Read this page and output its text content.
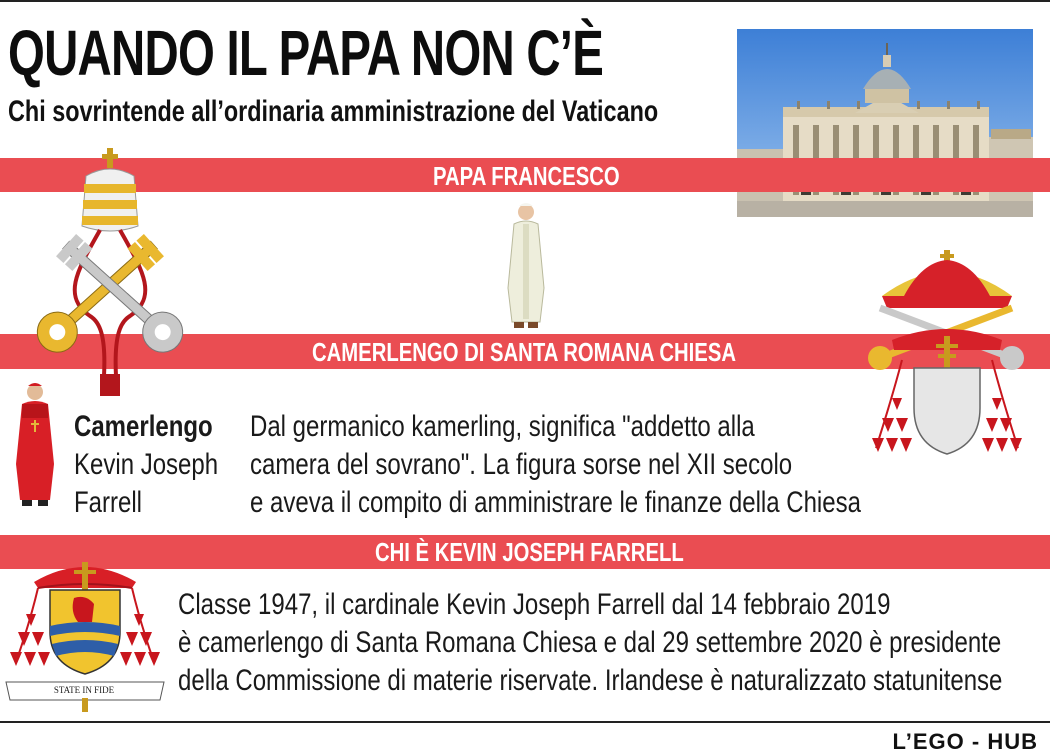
QUANDO IL PAPA NON C’È
Chi sovrintende all’ordinaria amministrazione del Vaticano
PAPA FRANCESCO
CAMERLENGO DI SANTA ROMANA CHIESA
CHI È KEVIN JOSEPH FARRELL
STATE IN FIDE
Camerlengo
Kevin Joseph
Farrell
Dal germanico kamerling, significa "addetto alla
camera del sovrano". La figura sorse nel XII secolo
e aveva il compito di amministrare le finanze della Chiesa
Classe 1947, il cardinale Kevin Joseph Farrell dal 14 febbraio 2019
è camerlengo di Santa Romana Chiesa e dal 29 settembre 2020 è presidente
della Commissione di materie riservate. Irlandese è naturalizzato statunitense
L’EGO - HUB
